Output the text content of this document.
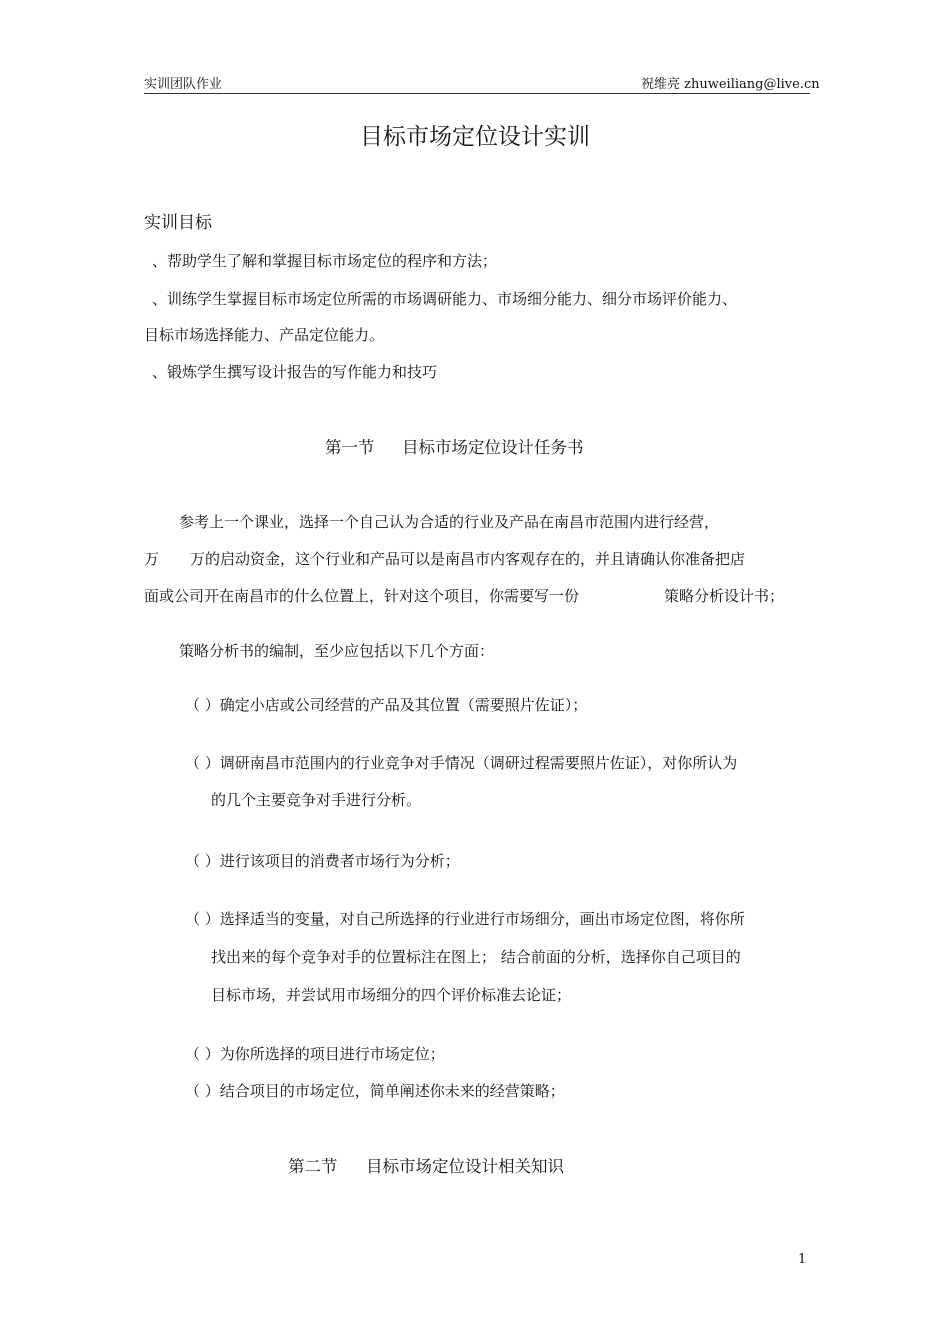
实训团队作业	祝维亮 zhuweiliang@live.cn
目标市场定位设计实训
实训目标
、帮助学生了解和掌握目标市场定位的程序和方法；
、训练学生掌握目标市场定位所需的市场调研能力、市场细分能力、细分市场评价能力、
目标市场选择能力、产品定位能力。
、锻炼学生撰写设计报告的写作能力和技巧
第一节 目标市场定位设计任务书
参考上一个课业，选择一个自己认为合适的行业及产品在南昌市范围内进行经营，
万 万的启动资金，这个行业和产品可以是南昌市内客观存在的，并且请确认你准备把店
面或公司开在南昌市的什么位置上，针对这个项目，你需要写一份	策略分析设计书；
策略分析书的编制，至少应包括以下几个方面：
（ ）确定小店或公司经营的产品及其位置（需要照片佐证）；
（ ）调研南昌市范围内的行业竞争对手情况（调研过程需要照片佐证），对你所认为
的几个主要竞争对手进行分析。
（ ）进行该项目的消费者市场行为分析；
（ ）选择适当的变量，对自己所选择的行业进行市场细分，画出市场定位图，将你所
找出来的每个竞争对手的位置标注在图上； 结合前面的分析，选择你自己项目的
目标市场，并尝试用市场细分的四个评价标准去论证；
（ ）为你所选择的项目进行市场定位；
（ ）结合项目的市场定位，简单阐述你未来的经营策略；
第二节 目标市场定位设计相关知识
1
